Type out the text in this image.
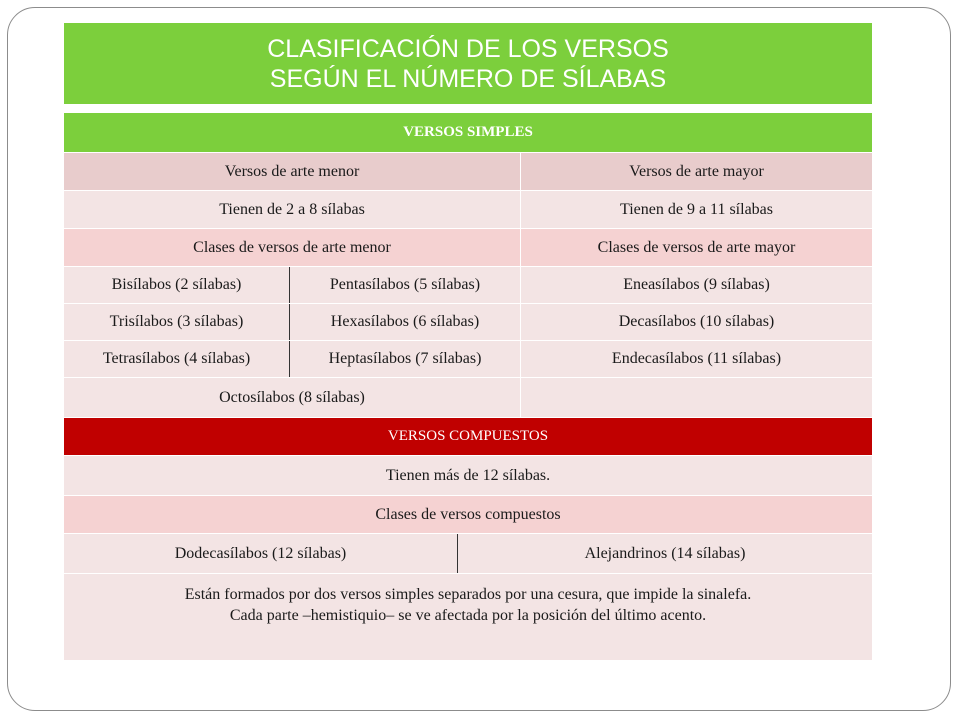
CLASIFICACIÓN DE LOS VERSOS
SEGÚN EL NÚMERO DE SÍLABAS
VERSOS SIMPLES
Versos de arte menor	Versos de arte mayor
Tienen de 2 a 8 sílabas	Tienen de 9 a 11 sílabas
Clases de versos de arte menor	Clases de versos de arte mayor
Bisílabos (2 sílabas)	Pentasílabos (5 sílabas)	Eneasílabos (9 sílabas)
Trisílabos (3 sílabas)	Hexasílabos (6 sílabas)	Decasílabos (10 sílabas)
Tetrasílabos (4 sílabas)	Heptasílabos (7 sílabas)	Endecasílabos (11 sílabas)
Octosílabos (8 sílabas)
VERSOS COMPUESTOS
Tienen más de 12 sílabas.
Clases de versos compuestos
Dodecasílabos (12 sílabas)	Alejandrinos (14 sílabas)
Están formados por dos versos simples separados por una cesura, que impide la sinalefa.
Cada parte –hemistiquio– se ve afectada por la posición del último acento.
